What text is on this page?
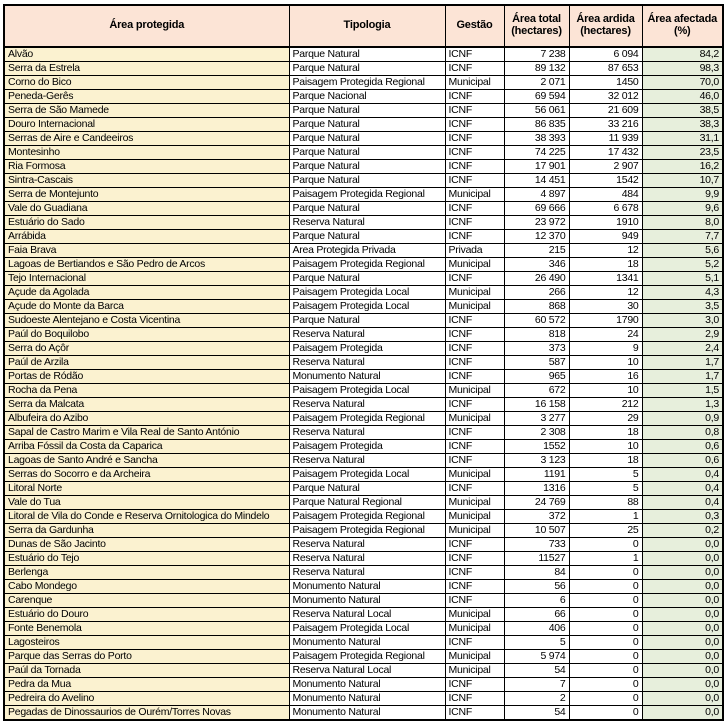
Área protegida	Tipologia	Gestão	Área total (hectares)	Área ardida (hectares)	Área afectada (%)
Alvão	Parque Natural	ICNF	7 238	6 094	84,2
Serra da Estrela	Parque Natural	ICNF	89 132	87 653	98,3
Corno do Bico	Paisagem Protegida Regional	Municipal	2 071	1450	70,0
Peneda-Gerês	Parque Nacional	ICNF	69 594	32 012	46,0
Serra de São Mamede	Parque Natural	ICNF	56 061	21 609	38,5
Douro Internacional	Parque Natural	ICNF	86 835	33 216	38,3
Serras de Aire e Candeeiros	Parque Natural	ICNF	38 393	11 939	31,1
Montesinho	Parque Natural	ICNF	74 225	17 432	23,5
Ria Formosa	Parque Natural	ICNF	17 901	2 907	16,2
Sintra-Cascais	Parque Natural	ICNF	14 451	1542	10,7
Serra de Montejunto	Paisagem Protegida Regional	Municipal	4 897	484	9,9
Vale do Guadiana	Parque Natural	ICNF	69 666	6 678	9,6
Estuário do Sado	Reserva Natural	ICNF	23 972	1910	8,0
Arrábida	Parque Natural	ICNF	12 370	949	7,7
Faia Brava	Area Protegida Privada	Privada	215	12	5,6
Lagoas de Bertiandos e São Pedro de Arcos	Paisagem Protegida Regional	Municipal	346	18	5,2
Tejo Internacional	Parque Natural	ICNF	26 490	1341	5,1
Açude da Agolada	Paisagem Protegida Local	Municipal	266	12	4,3
Açude do Monte da Barca	Paisagem Protegida Local	Municipal	868	30	3,5
Sudoeste Alentejano e Costa Vicentina	Parque Natural	ICNF	60 572	1790	3,0
Paúl do Boquilobo	Reserva Natural	ICNF	818	24	2,9
Serra do Açôr	Paisagem Protegida	ICNF	373	9	2,4
Paúl de Arzila	Reserva Natural	ICNF	587	10	1,7
Portas de Ródão	Monumento Natural	ICNF	965	16	1,7
Rocha da Pena	Paisagem Protegida Local	Municipal	672	10	1,5
Serra da Malcata	Reserva Natural	ICNF	16 158	212	1,3
Albufeira do Azibo	Paisagem Protegida Regional	Municipal	3 277	29	0,9
Sapal de Castro Marim e Vila Real de Santo António	Reserva Natural	ICNF	2 308	18	0,8
Arriba Fóssil da Costa da Caparica	Paisagem Protegida	ICNF	1552	10	0,6
Lagoas de Santo André e Sancha	Reserva Natural	ICNF	3 123	18	0,6
Serras do Socorro e da Archeira	Paisagem Protegida Local	Municipal	1191	5	0,4
Litoral Norte	Parque Natural	ICNF	1316	5	0,4
Vale do Tua	Parque Natural Regional	Municipal	24 769	88	0,4
Litoral de Vila do Conde e Reserva Ornitologica do Mindelo	Paisagem Protegida Regional	Municipal	372	1	0,3
Serra da Gardunha	Paisagem Protegida Regional	Municipal	10 507	25	0,2
Dunas de São Jacinto	Reserva Natural	ICNF	733	0	0,0
Estuário do Tejo	Reserva Natural	ICNF	11527	1	0,0
Berlenga	Reserva Natural	ICNF	84	0	0,0
Cabo Mondego	Monumento Natural	ICNF	56	0	0,0
Carenque	Monumento Natural	ICNF	6	0	0,0
Estuário do Douro	Reserva Natural Local	Municipal	66	0	0,0
Fonte Benemola	Paisagem Protegida Local	Municipal	406	0	0,0
Lagosteiros	Monumento Natural	ICNF	5	0	0,0
Parque das Serras do Porto	Paisagem Protegida Regional	Municipal	5 974	0	0,0
Paúl da Tornada	Reserva Natural Local	Municipal	54	0	0,0
Pedra da Mua	Monumento Natural	ICNF	7	0	0,0
Pedreira do Avelino	Monumento Natural	ICNF	2	0	0,0
Pegadas de Dinossaurios de Ourém/Torres Novas	Monumento Natural	ICNF	54	0	0,0
